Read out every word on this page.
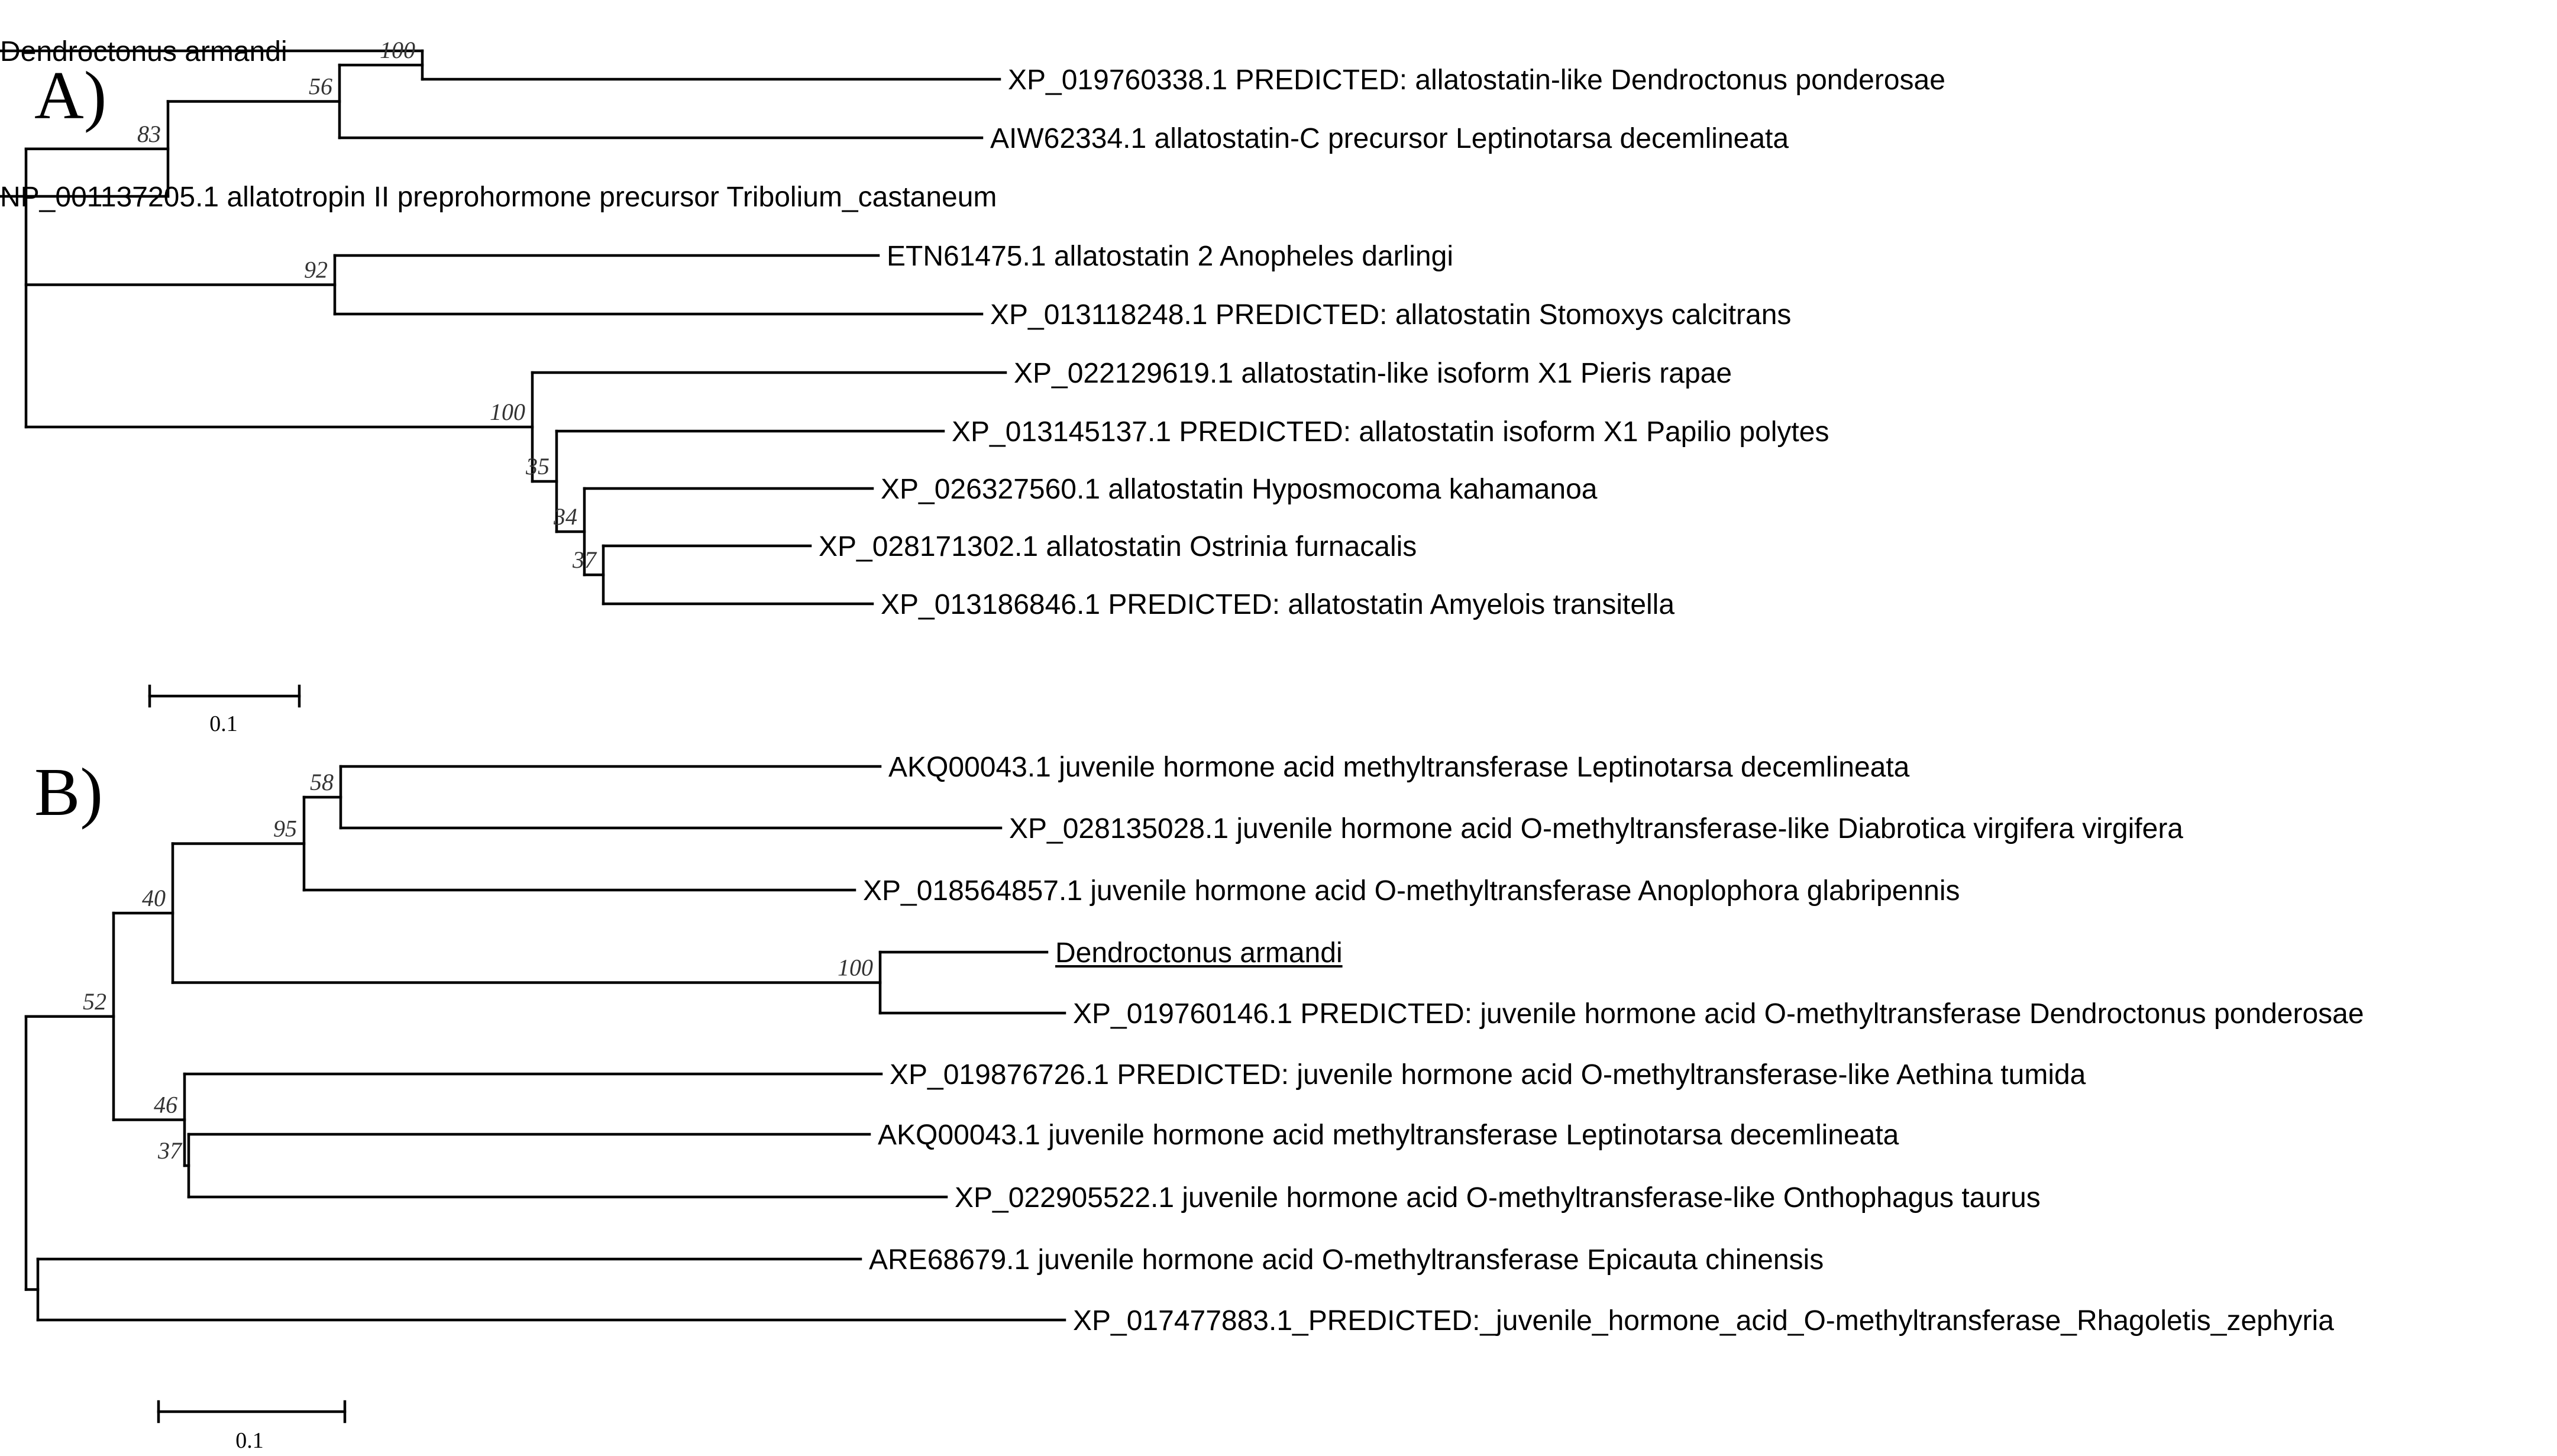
A)
Dendroctonus armandi
XP_019760338.1 PREDICTED: allatostatin-like Dendroctonus ponderosae
100
AIW62334.1 allatostatin-C precursor Leptinotarsa decemlineata
56
NP_001137205.1 allatotropin II preprohormone precursor Tribolium_castaneum
83
ETN61475.1 allatostatin 2 Anopheles darlingi
XP_013118248.1 PREDICTED: allatostatin Stomoxys calcitrans
92
XP_022129619.1 allatostatin-like isoform X1 Pieris rapae
XP_013145137.1 PREDICTED: allatostatin isoform X1 Papilio polytes
XP_026327560.1 allatostatin Hyposmocoma kahamanoa
XP_028171302.1 allatostatin Ostrinia furnacalis
XP_013186846.1 PREDICTED: allatostatin Amyelois transitella
37
34
35
100
0.1
B)	AKQ00043.1 juvenile hormone acid methyltransferase Leptinotarsa decemlineata
XP_028135028.1 juvenile hormone acid O-methyltransferase-like Diabrotica virgifera virgifera
58
XP_018564857.1 juvenile hormone acid O-methyltransferase Anoplophora glabripennis
95
Dendroctonus armandi
XP_019760146.1 PREDICTED: juvenile hormone acid O-methyltransferase Dendroctonus ponderosae
100
40
XP_019876726.1 PREDICTED: juvenile hormone acid O-methyltransferase-like Aethina tumida
AKQ00043.1 juvenile hormone acid methyltransferase Leptinotarsa decemlineata
XP_022905522.1 juvenile hormone acid O-methyltransferase-like Onthophagus taurus
37
46
52
ARE68679.1 juvenile hormone acid O-methyltransferase Epicauta chinensis
XP_017477883.1_PREDICTED:_juvenile_hormone_acid_O-methyltransferase_Rhagoletis_zephyria
0.1
